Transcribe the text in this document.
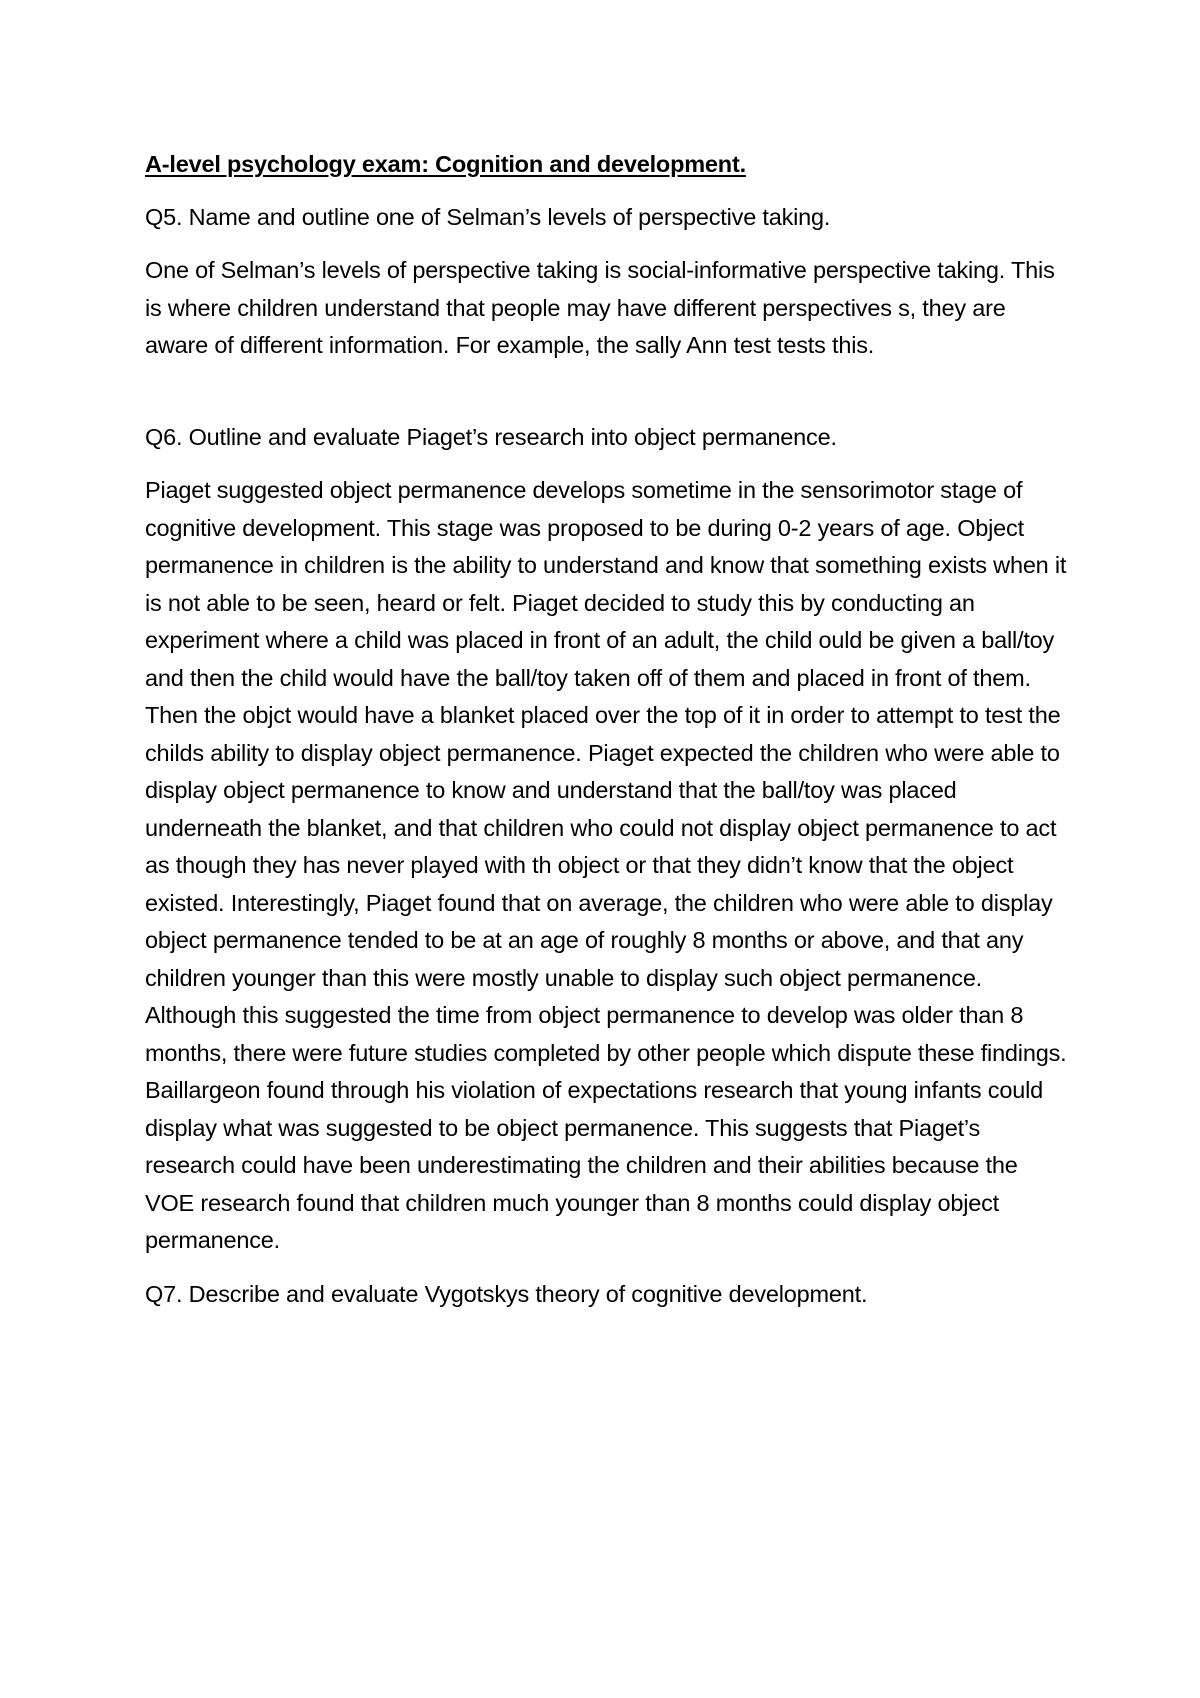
A-level psychology exam: Cognition and development.

Q5. Name and outline one of Selman’s levels of perspective taking.

One of Selman’s levels of perspective taking is social-informative perspective taking. This is where children understand that people may have different perspectives s, they are aware of different information. For example, the sally Ann test tests this.

Q6. Outline and evaluate Piaget’s research into object permanence.

Piaget suggested object permanence develops sometime in the sensorimotor stage of cognitive development. This stage was proposed to be during 0-2 years of age. Object permanence in children is the ability to understand and know that something exists when it is not able to be seen, heard or felt. Piaget decided to study this by conducting an experiment where a child was placed in front of an adult, the child ould be given a ball/toy and then the child would have the ball/toy taken off of them and placed in front of them. Then the objct would have a blanket placed over the top of it in order to attempt to test the childs ability to display object permanence. Piaget expected the children who were able to display object permanence to know and understand that the ball/toy was placed underneath the blanket, and that children who could not display object permanence to act as though they has never played with th object or that they didn’t know that the object existed. Interestingly, Piaget found that on average, the children who were able to display object permanence tended to be at an age of roughly 8 months or above, and that any children younger than this were mostly unable to display such object permanence. Although this suggested the time from object permanence to develop was older than 8 months, there were future studies completed by other people which dispute these findings. Baillargeon found through his violation of expectations research that young infants could display what was suggested to be object permanence. This suggests that Piaget’s research could have been underestimating the children and their abilities because the VOE research found that children much younger than 8 months could display object permanence.

Q7. Describe and evaluate Vygotskys theory of cognitive development.
